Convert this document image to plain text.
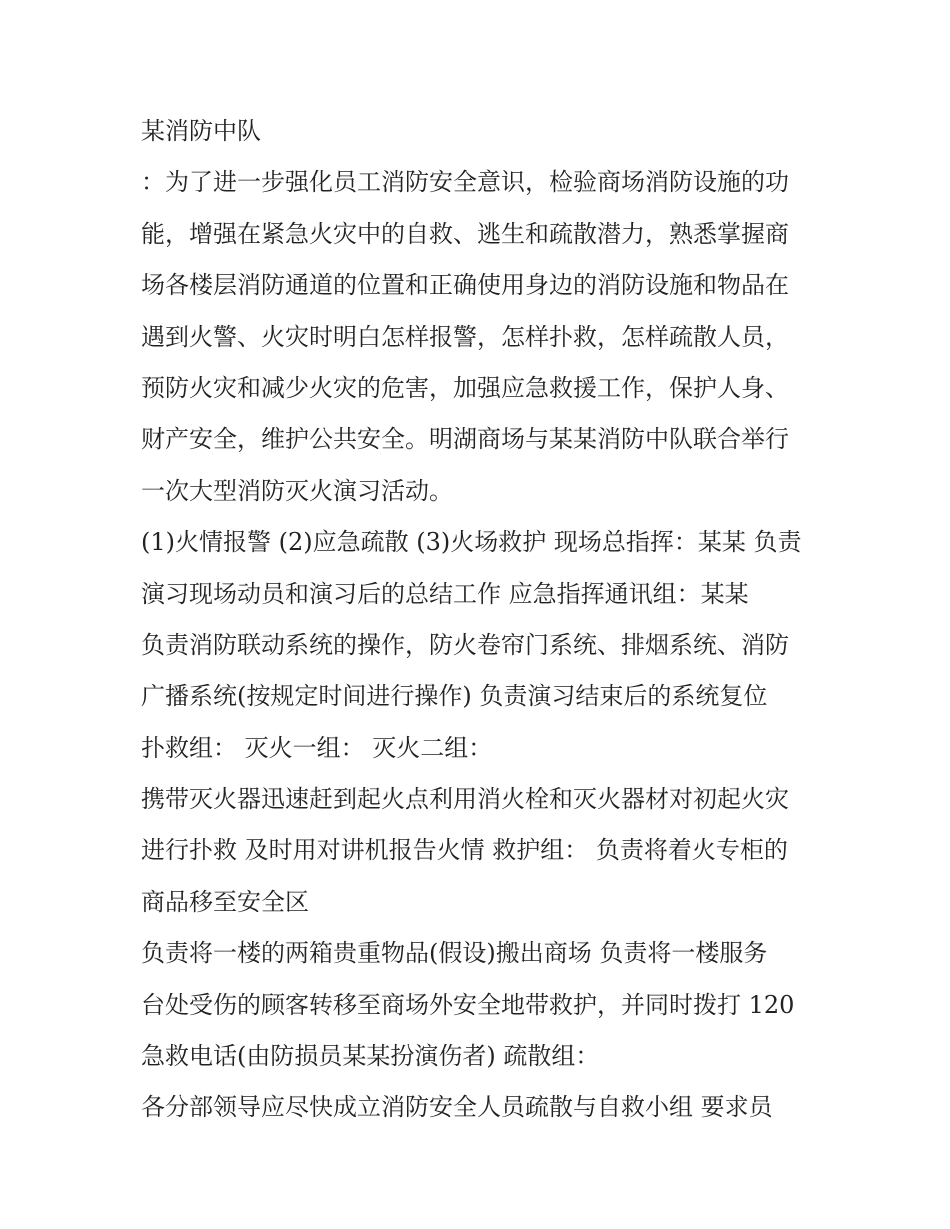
某消防中队
：为了进一步强化员工消防安全意识，检验商场消防设施的功
能，增强在紧急火灾中的自救、逃生和疏散潜力，熟悉掌握商
场各楼层消防通道的位置和正确使用身边的消防设施和物品在
遇到火警、火灾时明白怎样报警，怎样扑救，怎样疏散人员，
预防火灾和减少火灾的危害，加强应急救援工作，保护人身、
财产安全，维护公共安全。明湖商场与某某消防中队联合举行
一次大型消防灭火演习活动。
(1)火情报警 (2)应急疏散 (3)火场救护 现场总指挥：某某 负责
演习现场动员和演习后的总结工作 应急指挥通讯组：某某
负责消防联动系统的操作，防火卷帘门系统、排烟系统、消防
广播系统(按规定时间进行操作) 负责演习结束后的系统复位
扑救组： 灭火一组： 灭火二组：
携带灭火器迅速赶到起火点利用消火栓和灭火器材对初起火灾
进行扑救 及时用对讲机报告火情 救护组： 负责将着火专柜的
商品移至安全区
负责将一楼的两箱贵重物品(假设)搬出商场 负责将一楼服务
台处受伤的顾客转移至商场外安全地带救护，并同时拨打 120
急救电话(由防损员某某扮演伤者) 疏散组：
各分部领导应尽快成立消防安全人员疏散与自救小组 要求员
